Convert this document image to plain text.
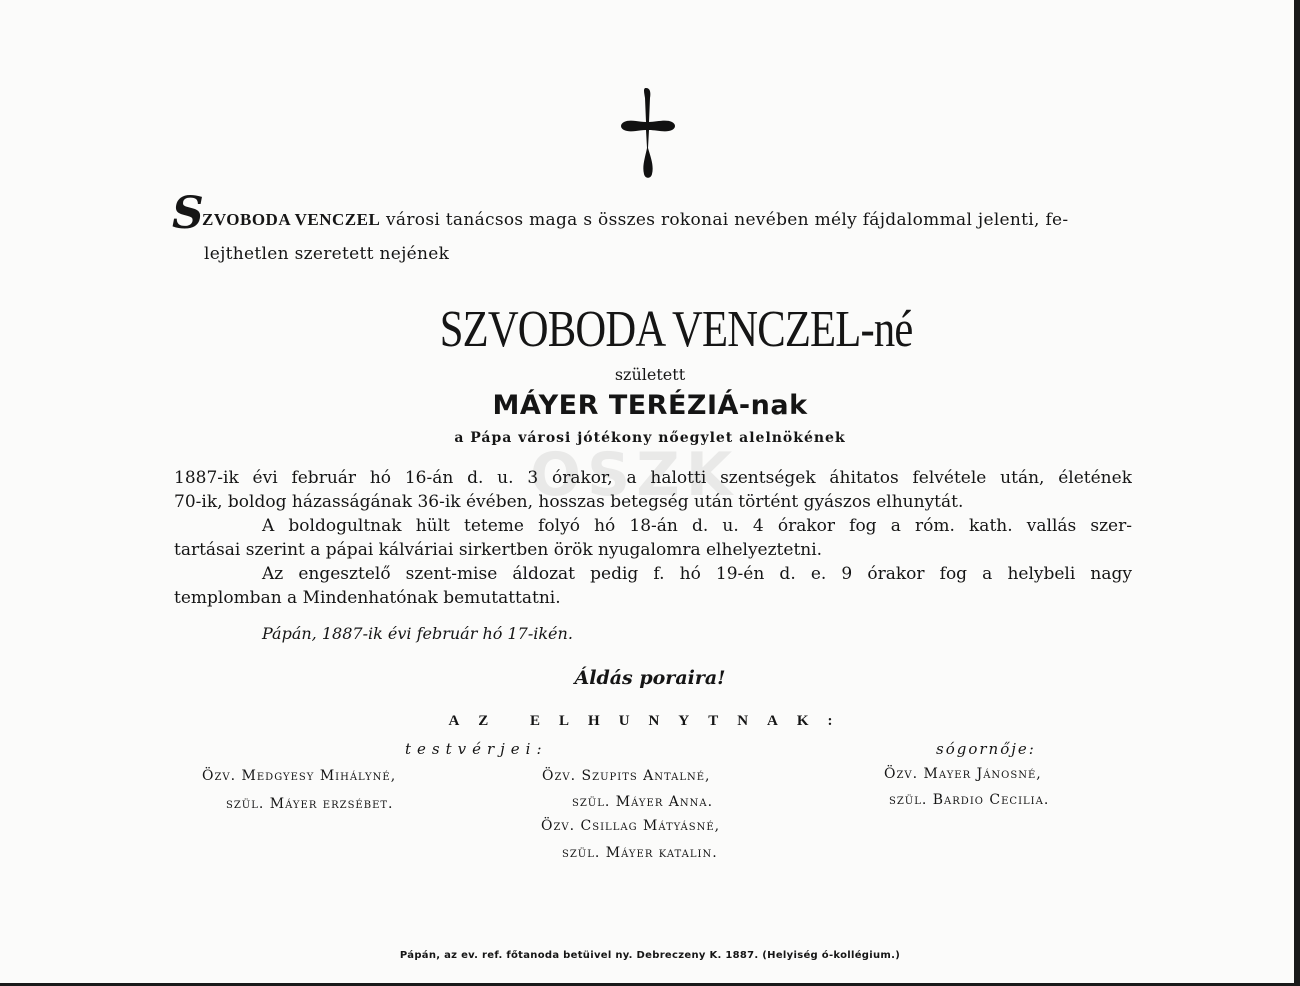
OSZK
S
ZVOBODA VENCZEL városi tanácsos maga s összes rokonai nevében mély fájdalommal jelenti, fe-
lejthetlen szeretett nejének
SZVOBODA VENCZEL-né
született
MÁYER TERÉZIÁ-nak
a Pápa városi jótékony nőegylet alelnökének
1887-ik évi február hó 16-án d. u. 3 órakor, a halotti szentségek áhitatos felvétele után, életének
70-ik, boldog házasságának 36-ik évében, hosszas betegség után történt gyászos elhunytát.
A boldogultnak hült teteme folyó hó 18-án d. u. 4 órakor fog a róm. kath. vallás szer-
tartásai szerint a pápai kálváriai sirkertben örök nyugalomra elhelyeztetni.
Az engesztelő szent-mise áldozat pedig f. hó 19-én d. e. 9 órakor fog a helybeli nagy
templomban a Mindenhatónak bemutattatni.
Pápán, 1887-ik évi február hó 17-ikén.
Áldás poraira!
AZ ELHUNYTNAK:
testvérjei:	sógornője:
Özv. Medgyesy Mihályné,
szül. Máyer erzsébet.
Özv. Szupits Antalné,
szül. Máyer Anna.
Özv. Csillag Mátyásné,
szül. Máyer katalin.
Özv. Mayer Jánosné,
szül. Bardio Cecilia.
Pápán, az ev. ref. főtanoda betüivel ny. Debreczeny K. 1887. (Helyiség ó-kollégium.)
